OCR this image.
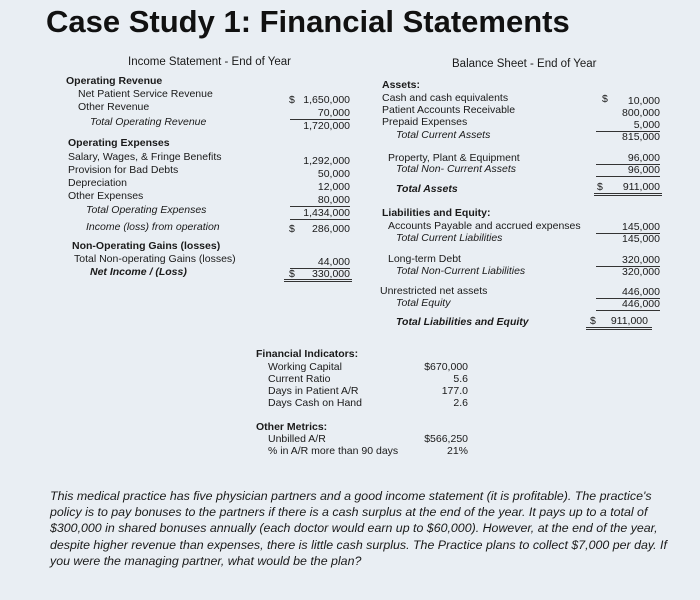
Case Study 1: Financial Statements
Income Statement - End of Year
Operating Revenue
Net Patient Service Revenue	$ 1,650,000
Other Revenue	70,000
Total Operating Revenue	1,720,000
Operating Expenses
Salary, Wages, & Fringe Benefits	1,292,000
Provision for Bad Debts	50,000
Depreciation	12,000
Other Expenses	80,000
Total Operating Expenses	1,434,000
Income (loss) from operation	$	286,000
Non-Operating Gains (losses)
Total Non-operating Gains (losses)	44,000
Net Income / (Loss)	$	330,000
Balance Sheet - End of Year
Assets:
Cash and cash equivalents	$	10,000
Patient Accounts Receivable	800,000
Prepaid Expenses	5,000
Total Current Assets	815,000
Property, Plant & Equipment	96,000
Total Non- Current Assets	96,000
Total Assets	$	911,000
Liabilities and Equity:
Accounts Payable and accrued expenses	145,000
Total Current Liabilities	145,000
Long-term Debt	320,000
Total Non-Current Liabilities	320,000
Unrestricted net assets	446,000
Total Equity	446,000
Total Liabilities and Equity	$	911,000
Financial Indicators:
Working Capital	$670,000
Current Ratio	5.6
Days in Patient A/R	177.0
Days Cash on Hand	2.6
Other Metrics:
Unbilled A/R	$566,250
% in A/R more than 90 days	21%
This medical practice has five physician partners and a good income statement (it is profitable). The practice's policy is to pay bonuses to the partners if there is a cash surplus at the end of the year. It pays up to a total of $300,000 in shared bonuses annually (each doctor would earn up to $60,000). However, at the end of the year, despite higher revenue than expenses, there is little cash surplus. The Practice plans to collect $7,000 per day. If you were the managing partner, what would be the plan?
